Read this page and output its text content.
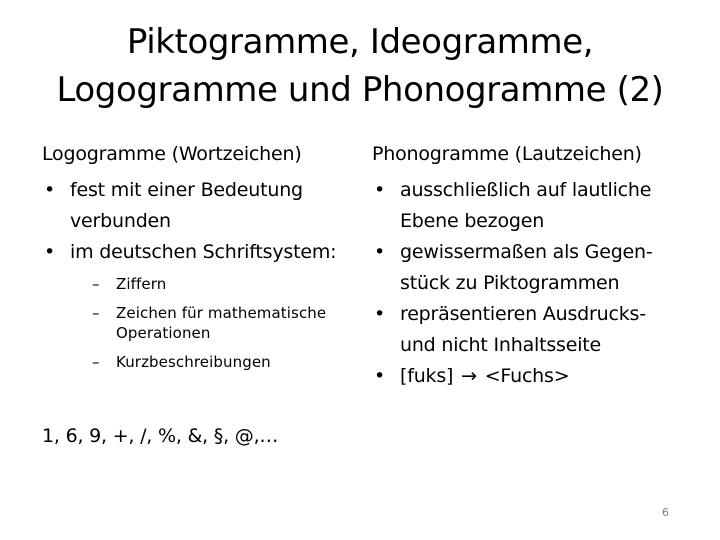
Piktogramme, Ideogramme,
Logogramme und Phonogramme (2)
Logogramme (Wortzeichen)
• fest mit einer Bedeutung
verbunden
• im deutschen Schriftsystem:
– Ziffern
– Zeichen für mathematische
Operationen
– Kurzbeschreibungen
Phonogramme (Lautzeichen)
• ausschließlich auf lautliche
Ebene bezogen
• gewissermaßen als Gegen-
stück zu Piktogrammen
• repräsentieren Ausdrucks-
und nicht Inhaltsseite
• [fuks] → <Fuchs>
1, 6, 9, +, /, %, &, §, @,…
6
